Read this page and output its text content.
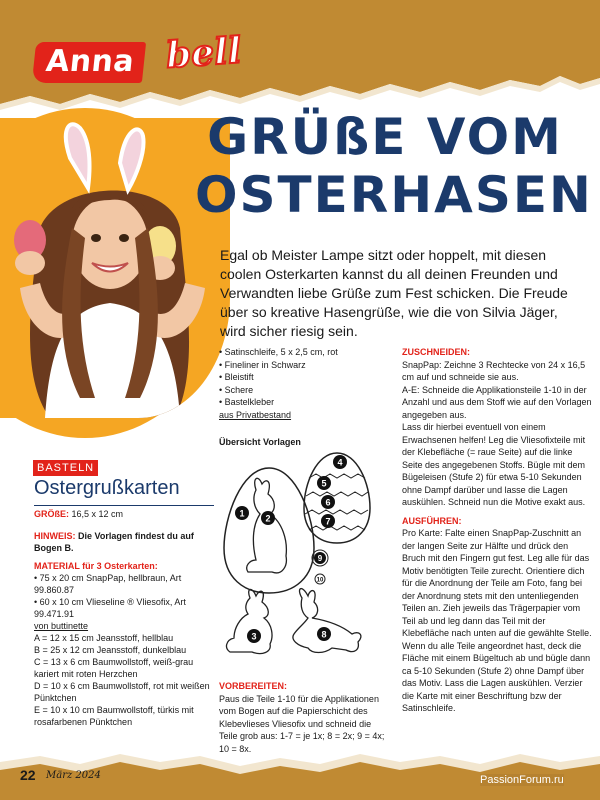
Anna bell
GRÜßE VOM
OSTERHASEN

Egal ob Meister Lampe sitzt oder hoppelt, mit diesen coolen Osterkarten kannst du all deinen Freunden und Verwandten liebe Grüße zum Fest schicken. Die Freude über so kreative Hasengrüße, wie die von Silvia Jäger, wird sicher riesig sein.

• Satinschleife, 5 x 2,5 cm, rot
• Fineliner in Schwarz
• Bleistift
• Schere
• Bastelkleber
aus Privatbestand
Übersicht Vorlagen
1 2
3
4
5
6
7
8
9
10
VORBEREITEN:
Paus die Teile 1-10 für die Applikationen vom Bogen auf die Papierschicht des Klebevlieses Vliesofix und schneid die Teile grob aus: 1-7 = je 1x; 8 = 2x; 9 = 4x; 10 = 8x.
ZUSCHNEIDEN:
SnapPap: Zeichne 3 Rechtecke von 24 x 16,5 cm auf und schneide sie aus.
A-E: Schneide die Applikationsteile 1-10 in der Anzahl und aus dem Stoff wie auf den Vorlagen angegeben aus.
Lass dir hierbei eventuell von einem Erwachsenen helfen! Leg die Vliesofixteile mit der Klebefläche (= raue Seite) auf die linke Seite des angegebenen Stoffs. Bügle mit dem Bügeleisen (Stufe 2) für etwa 5-10 Sekunden ohne Dampf darüber und lasse die Lagen auskühlen. Schneid nun die Motive exakt aus.
AUSFÜHREN:
Pro Karte: Falte einen SnapPap-Zuschnitt an der langen Seite zur Hälfte und drück den Bruch mit den Fingern gut fest. Leg alle für das Motiv benötigten Teile zurecht. Orientiere dich für die Anordnung der Teile am Foto, fang bei der Anordnung stets mit den untenliegenden Teilen an. Zieh jeweils das Trägerpapier vom Teil ab und leg dann das Teil mit der Klebefläche nach unten auf die gewählte Stelle. Wenn du alle Teile angeordnet hast, deck die Fläche mit einem Bügeltuch ab und bügle dann ca 5-10 Sekunden (Stufe 2) ohne Dampf über das Motiv. Lass die Lagen auskühlen. Verzier die Karte mit einer Beschriftung bzw der Satinschleife.
BASTELN
Ostergrußkarten
GRÖßE: 16,5 x 12 cm
HINWEIS: Die Vorlagen findest du auf Bogen B.
MATERIAL für 3 Osterkarten:
• 75 x 20 cm SnapPap, hellbraun, Art 99.860.87
• 60 x 10 cm Vlieseline ® Vliesofix, Art 99.471.91
von buttinette
A = 12 x 15 cm Jeansstoff, hellblau
B = 25 x 12 cm Jeansstoff, dunkelblau
C = 13 x 6 cm Baumwollstoff, weiß-grau kariert mit roten Herzchen
D = 10 x 6 cm Baumwollstoff, rot mit weißen Pünktchen
E = 10 x 10 cm Baumwollstoff, türkis mit rosafarbenen Pünktchen
22 März 2024	PassionForum.ru
